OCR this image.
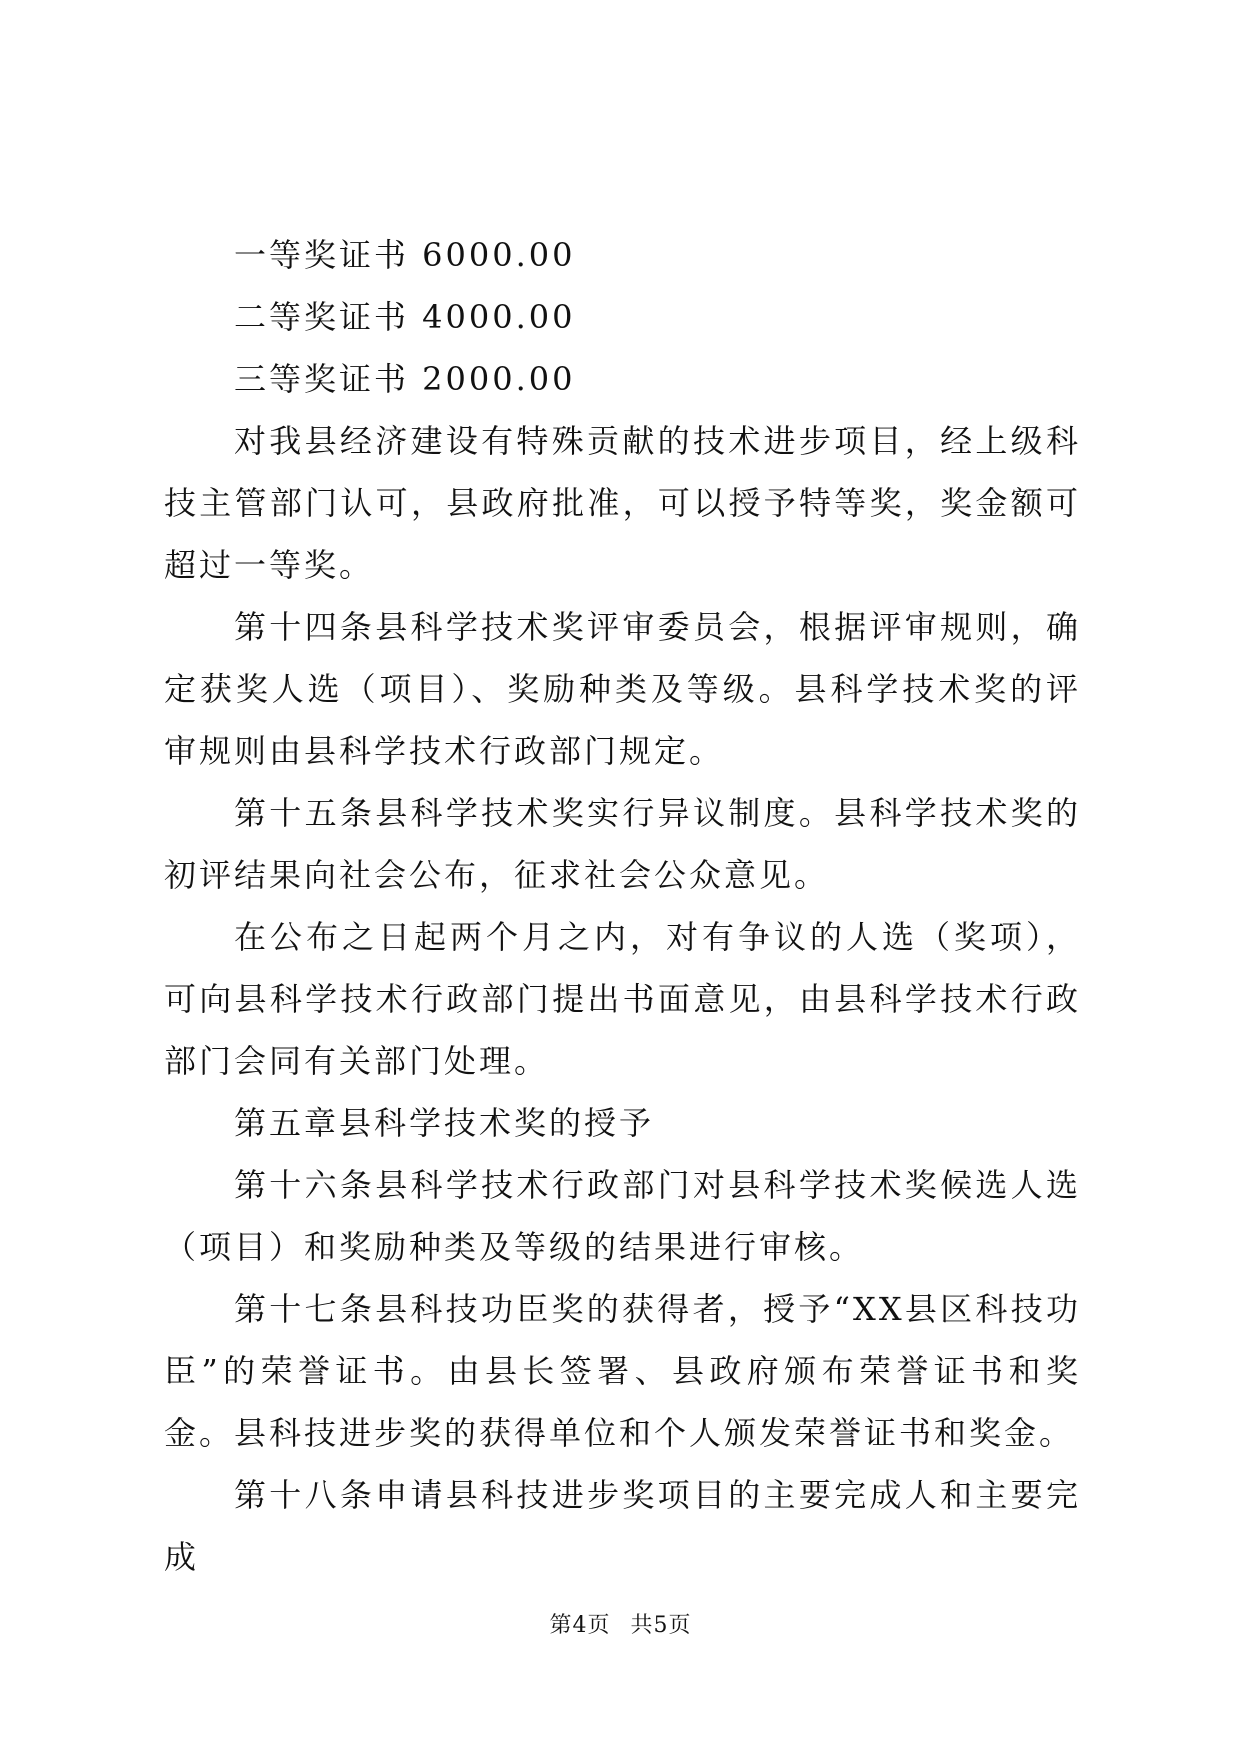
一等奖证书 6000.00

二等奖证书 4000.00

三等奖证书 2000.00

对我县经济建设有特殊贡献的技术进步项目，经上级科技主管部门认可，县政府批准，可以授予特等奖，奖金额可超过一等奖。

第十四条县科学技术奖评审委员会，根据评审规则，确定获奖人选（项目）、奖励种类及等级。县科学技术奖的评审规则由县科学技术行政部门规定。

第十五条县科学技术奖实行异议制度。县科学技术奖的初评结果向社会公布，征求社会公众意见。

在公布之日起两个月之内，对有争议的人选（奖项），可向县科学技术行政部门提出书面意见，由县科学技术行政部门会同有关部门处理。

第五章县科学技术奖的授予

第十六条县科学技术行政部门对县科学技术奖候选人选（项目）和奖励种类及等级的结果进行审核。

第十七条县科技功臣奖的获得者，授予“XX县区科技功臣”的荣誉证书。由县长签署、县政府颁布荣誉证书和奖金。县科技进步奖的获得单位和个人颁发荣誉证书和奖金。

第十八条申请县科技进步奖项目的主要完成人和主要完成

第4页 共5页
